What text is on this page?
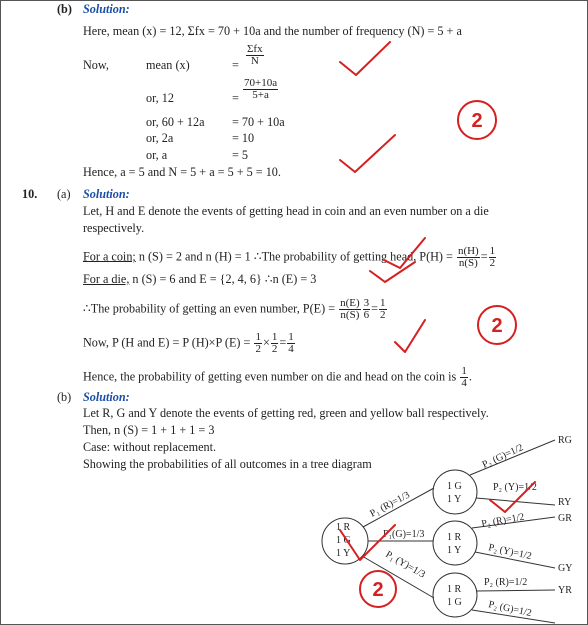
(b) Solution:
Here, mean (x) = 12, Σfx = 70 + 10a and the number of frequency (N) = 5 + a
Now,	mean (x)	= $\frac{\text{Σfx}}{N}$
or, 12	= $\frac{70+10a}{5+a}$
or, 60 + 12a = 70 + 10a
or, 2a	= 10
or, a	= 5
Hence, a = 5 and N = 5 + a = 5 + 5 = 10.
10. (a) Solution:
Let, H and E denote the events of getting head in coin and an even number on a die
respectively.
For a coin; n (S) = 2 and n (H) = 1 ∴The probability of getting head, $P(H) = \frac{n(H)}{n(S)} = \frac{1}{2}$
For a die, n (S) = 6 and E = {2, 4, 6} ∴n (E) = 3
∴The probability of getting an even number, $P(E) = \frac{n(E)}{n(S)} \frac{3}{6} = \frac{1}{2}$
Now, P (H and E) = P (H)×P $(E) = \frac{1}{2} \times \frac{1}{2} = \frac{1}{4}$
Hence, the probability of getting even number on die and head on the coin is $\frac{1}{4}$ .
(b) Solution:
Let R, G and Y denote the events of getting red, green and yellow ball respectively.
Then, n (S) = 1 + 1 + 1 = 3
Case: without replacement.
Showing the probabilities of all outcomes in a tree diagram
1 R
1 G
1 Y
1 G
1 Y
1 R
1 Y
1 R
1 G
P₁ (R)=1/3
P₁(G)=1/3
P₁ (Y)=1/3
P₂ (G)=1/2
P₂ (Y)=1/2
P₂ (R)=1/2
P₂ (Y)=1/2
P₂ (R)=1/2
P₂ (G)=1/2
RG
RY
GR
GY
YR
2
2
2
